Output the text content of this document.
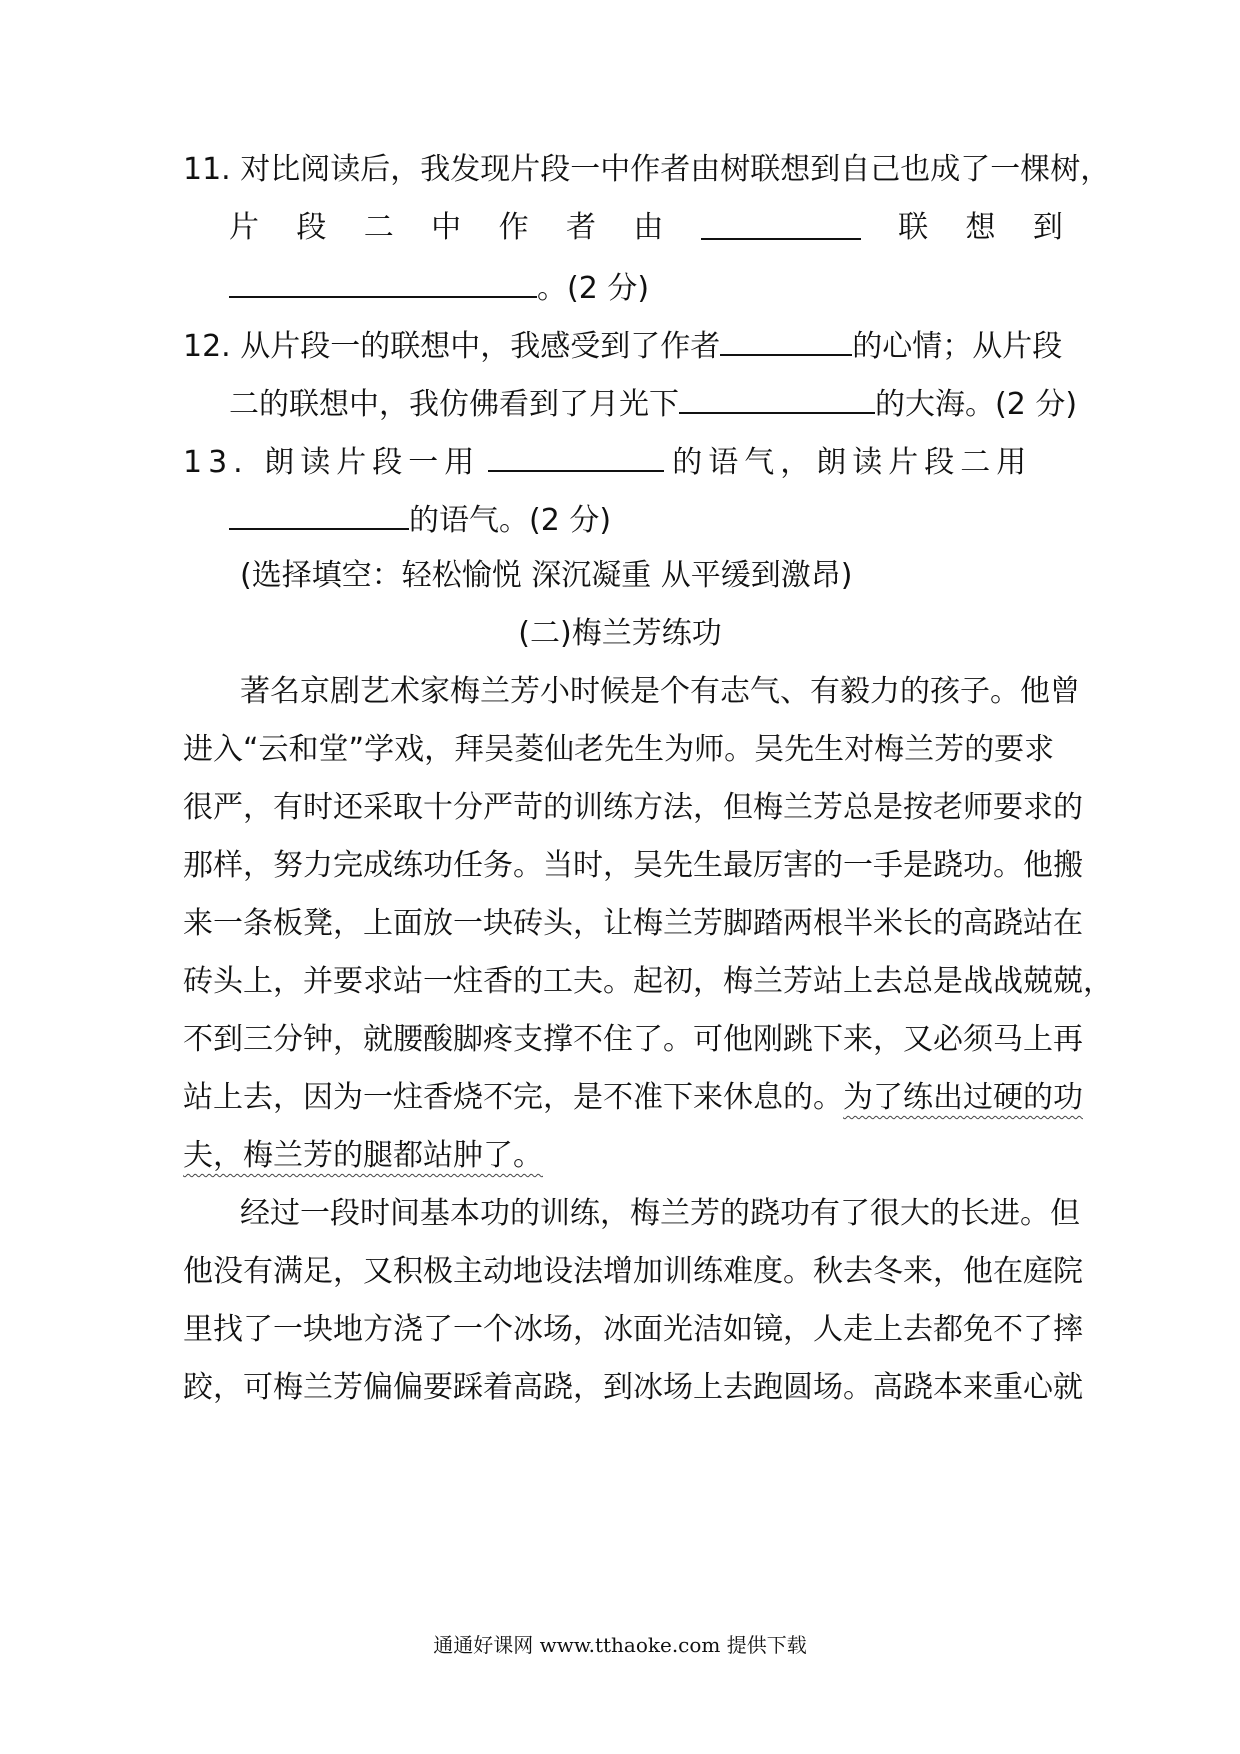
11. 对比阅读后，我发现片段一中作者由树联想到自己也成了一棵树，
片 段 二 中 作 者 由	联 想 到
。(2 分)
12. 从片段一的联想中，我感受到了作者	的心情；从片段
二的联想中，我仿佛看到了月光下	的大海。(2 分)
13. 朗读片段一用	的语气，朗读片段二用
的语气。(2 分)
(选择填空：轻松愉悦 深沉凝重 从平缓到激昂)
(二)梅兰芳练功
著名京剧艺术家梅兰芳小时候是个有志气、有毅力的孩子。他曾
进入“云和堂”学戏，拜吴菱仙老先生为师。吴先生对梅兰芳的要求
很严，有时还采取十分严苛的训练方法，但梅兰芳总是按老师要求的
那样，努力完成练功任务。当时，吴先生最厉害的一手是跷功。他搬
来一条板凳，上面放一块砖头，让梅兰芳脚踏两根半米长的高跷站在
砖头上，并要求站一炷香的工夫。起初，梅兰芳站上去总是战战兢兢，
不到三分钟，就腰酸脚疼支撑不住了。可他刚跳下来，又必须马上再
站上去，因为一炷香烧不完，是不准下来休息的。为了练出过硬的功
夫，梅兰芳的腿都站肿了。
经过一段时间基本功的训练，梅兰芳的跷功有了很大的长进。但
他没有满足，又积极主动地设法增加训练难度。秋去冬来，他在庭院
里找了一块地方浇了一个冰场，冰面光洁如镜，人走上去都免不了摔
跤，可梅兰芳偏偏要踩着高跷，到冰场上去跑圆场。高跷本来重心就
通通好课网 www.tthaoke.com 提供下载
